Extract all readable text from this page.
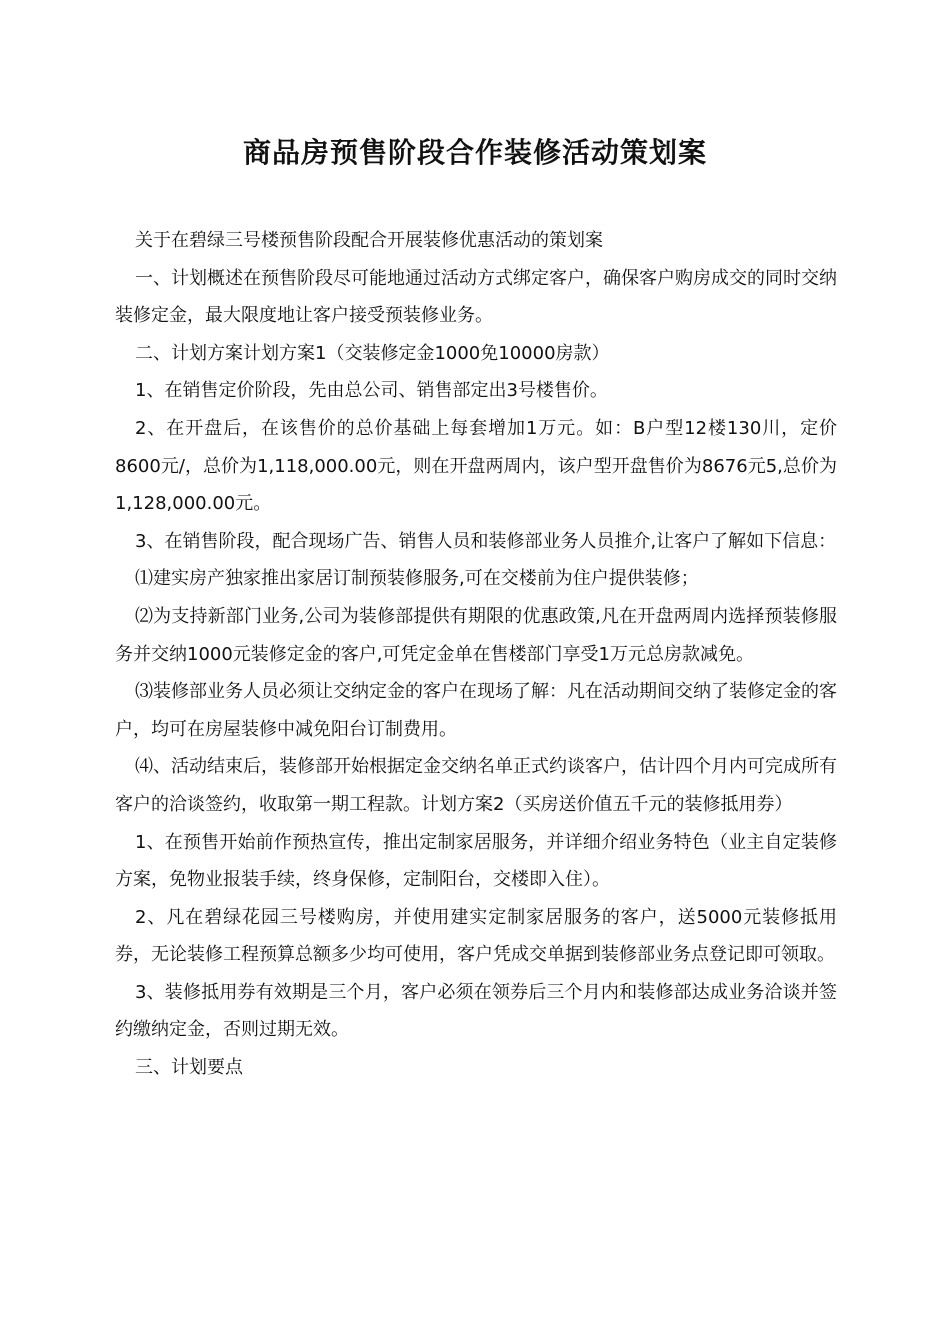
商品房预售阶段合作装修活动策划案

关于在碧绿三号楼预售阶段配合开展装修优惠活动的策划案

一、计划概述在预售阶段尽可能地通过活动方式绑定客户，确保客户购房成交的同时交纳装修定金，最大限度地让客户接受预装修业务。

二、计划方案计划方案1（交装修定金1000免10000房款）

1、在销售定价阶段，先由总公司、销售部定出3号楼售价。

2、在开盘后，在该售价的总价基础上每套增加1万元。如：B户型12楼130川，定价8600元/，总价为1,118,000.00元，则在开盘两周内，该户型开盘售价为8676元5,总价为1,128,000.00元。

3、在销售阶段，配合现场广告、销售人员和装修部业务人员推介,让客户了解如下信息：

⑴建实房产独家推出家居订制预装修服务,可在交楼前为住户提供装修；

⑵为支持新部门业务,公司为装修部提供有期限的优惠政策,凡在开盘两周内选择预装修服务并交纳1000元装修定金的客户,可凭定金单在售楼部门享受1万元总房款减免。

⑶装修部业务人员必须让交纳定金的客户在现场了解：凡在活动期间交纳了装修定金的客户，均可在房屋装修中减免阳台订制费用。

⑷、活动结束后，装修部开始根据定金交纳名单正式约谈客户，估计四个月内可完成所有客户的洽谈签约，收取第一期工程款。计划方案2（买房送价值五千元的装修抵用券）

1、在预售开始前作预热宣传，推出定制家居服务，并详细介绍业务特色（业主自定装修方案，免物业报装手续，终身保修，定制阳台，交楼即入住）。

2、凡在碧绿花园三号楼购房，并使用建实定制家居服务的客户，送5000元装修抵用券，无论装修工程预算总额多少均可使用，客户凭成交单据到装修部业务点登记即可领取。

3、装修抵用券有效期是三个月，客户必须在领券后三个月内和装修部达成业务洽谈并签约缴纳定金，否则过期无效。

三、计划要点
